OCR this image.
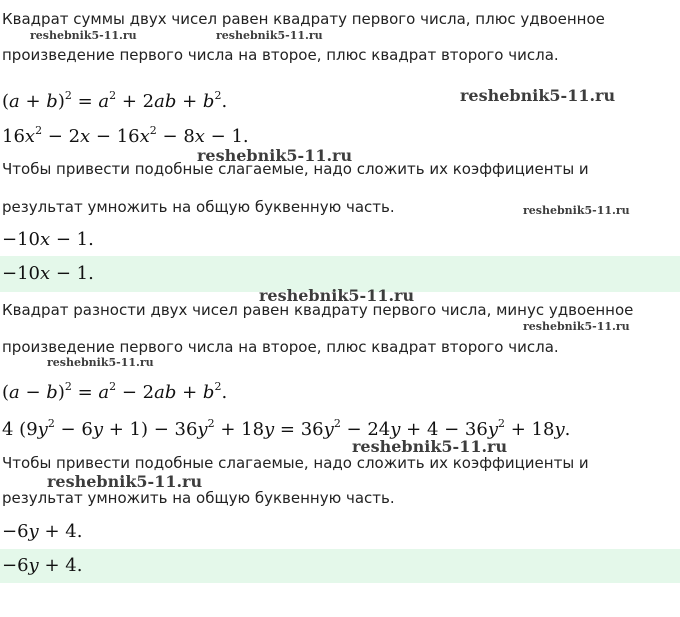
Квадрат суммы двух чисел равен квадрату первого числа, плюс удвоенное
произведение первого числа на второе, плюс квадрат второго числа.
$(a + b)^2 = a^2 + 2ab + b^2$.
$16x^2 - 2x - 16x^2 - 8x - 1$.
Чтобы привести подобные слагаемые, надо сложить их коэффициенты и
результат умножить на общую буквенную часть.
−10x − 1.
−10x − 1.
Квадрат разности двух чисел равен квадрату первого числа, минус удвоенное
произведение первого числа на второе, плюс квадрат второго числа.
$(a - b)^2 = a^2 - 2ab + b^2$.
4 $(9y^2 - 6y + 1) - 36y^2 + 18y = 36y^2 - 24y + 4 - 36y^2 + 18y$.
Чтобы привести подобные слагаемые, надо сложить их коэффициенты и
результат умножить на общую буквенную часть.
−6y + 4.
−6y + 4.
reshebnik5-11.ru	reshebnik5-11.ru
reshebnik5-11.ru
reshebnik5-11.ru
reshebnik5-11.ru
reshebnik5-11.ru
reshebnik5-11.ru
reshebnik5-11.ru
reshebnik5-11.ru
reshebnik5-11.ru
